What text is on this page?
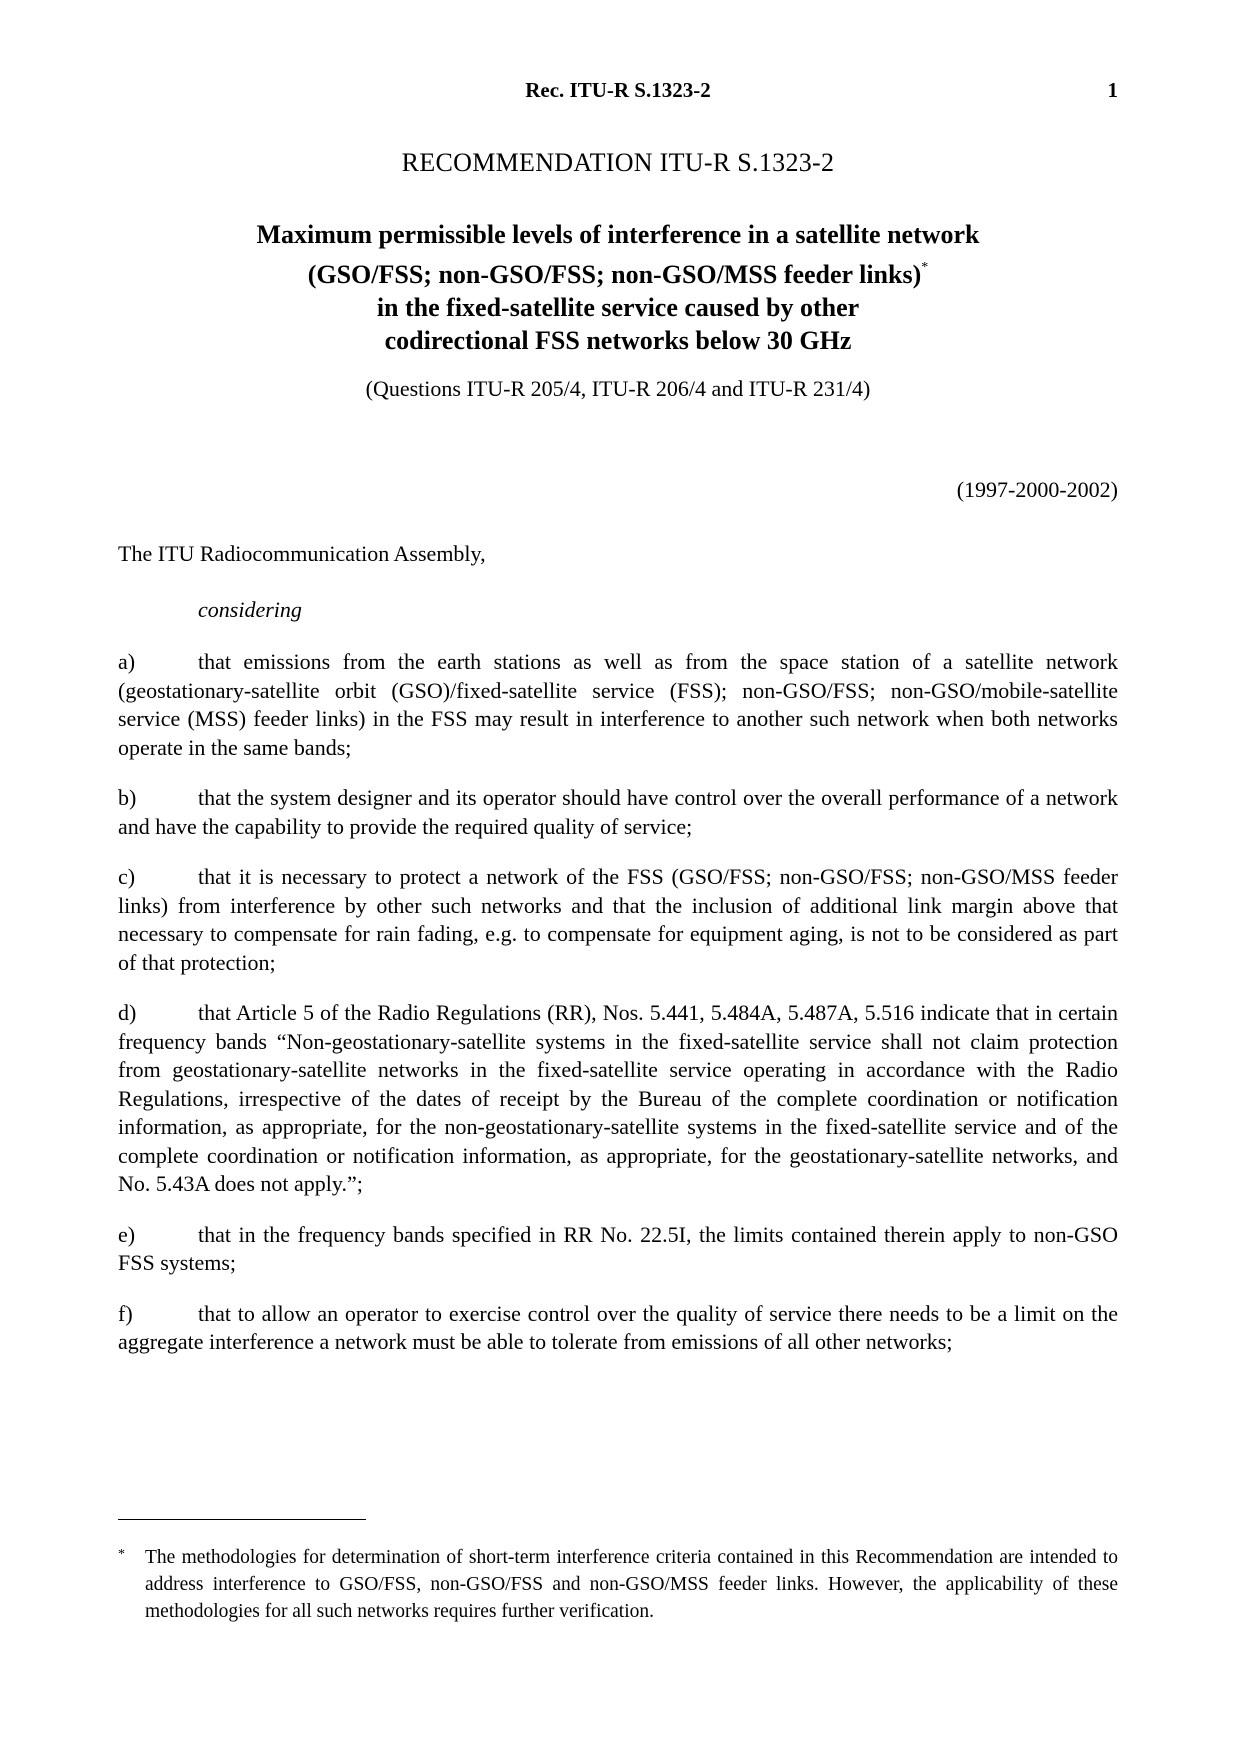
Rec. ITU-R S.1323-2	1
RECOMMENDATION ITU-R S.1323-2
Maximum permissible levels of interference in a satellite network
(GSO/FSS; non-GSO/FSS; non-GSO/MSS feeder links)*
in the fixed-satellite service caused by other
codirectional FSS networks below 30 GHz
(Questions ITU-R 205/4, ITU-R 206/4 and ITU-R 231/4)
(1997-2000-2002)
The ITU Radiocommunication Assembly,
considering

a)	that emissions from the earth stations as well as from the space station of a satellite network (geostationary-satellite orbit (GSO)/fixed-satellite service (FSS); non-GSO/FSS; non-GSO/mobile-satellite service (MSS) feeder links) in the FSS may result in interference to another such network when both networks operate in the same bands;

b)	that the system designer and its operator should have control over the overall performance of a network and have the capability to provide the required quality of service;

c)	that it is necessary to protect a network of the FSS (GSO/FSS; non-GSO/FSS; non-GSO/MSS feeder links) from interference by other such networks and that the inclusion of additional link margin above that necessary to compensate for rain fading, e.g. to compensate for equipment aging, is not to be considered as part of that protection;

d)	that Article 5 of the Radio Regulations (RR), Nos. 5.441, 5.484A, 5.487A, 5.516 indicate that in certain frequency bands “Non-geostationary-satellite systems in the fixed-satellite service shall not claim protection from geostationary-satellite networks in the fixed-satellite service operating in accordance with the Radio Regulations, irrespective of the dates of receipt by the Bureau of the complete coordination or notification information, as appropriate, for the non-geostationary-satellite systems in the fixed-satellite service and of the complete coordination or notification information, as appropriate, for the geostationary-satellite networks, and No. 5.43A does not apply.”;

e)	that in the frequency bands specified in RR No. 22.5I, the limits contained therein apply to non-GSO FSS systems;

f)	that to allow an operator to exercise control over the quality of service there needs to be a limit on the aggregate interference a network must be able to tolerate from emissions of all other networks;

* The methodologies for determination of short-term interference criteria contained in this Recommendation are intended to address interference to GSO/FSS, non-GSO/FSS and non-GSO/MSS feeder links. However, the applicability of these methodologies for all such networks requires further verification.
